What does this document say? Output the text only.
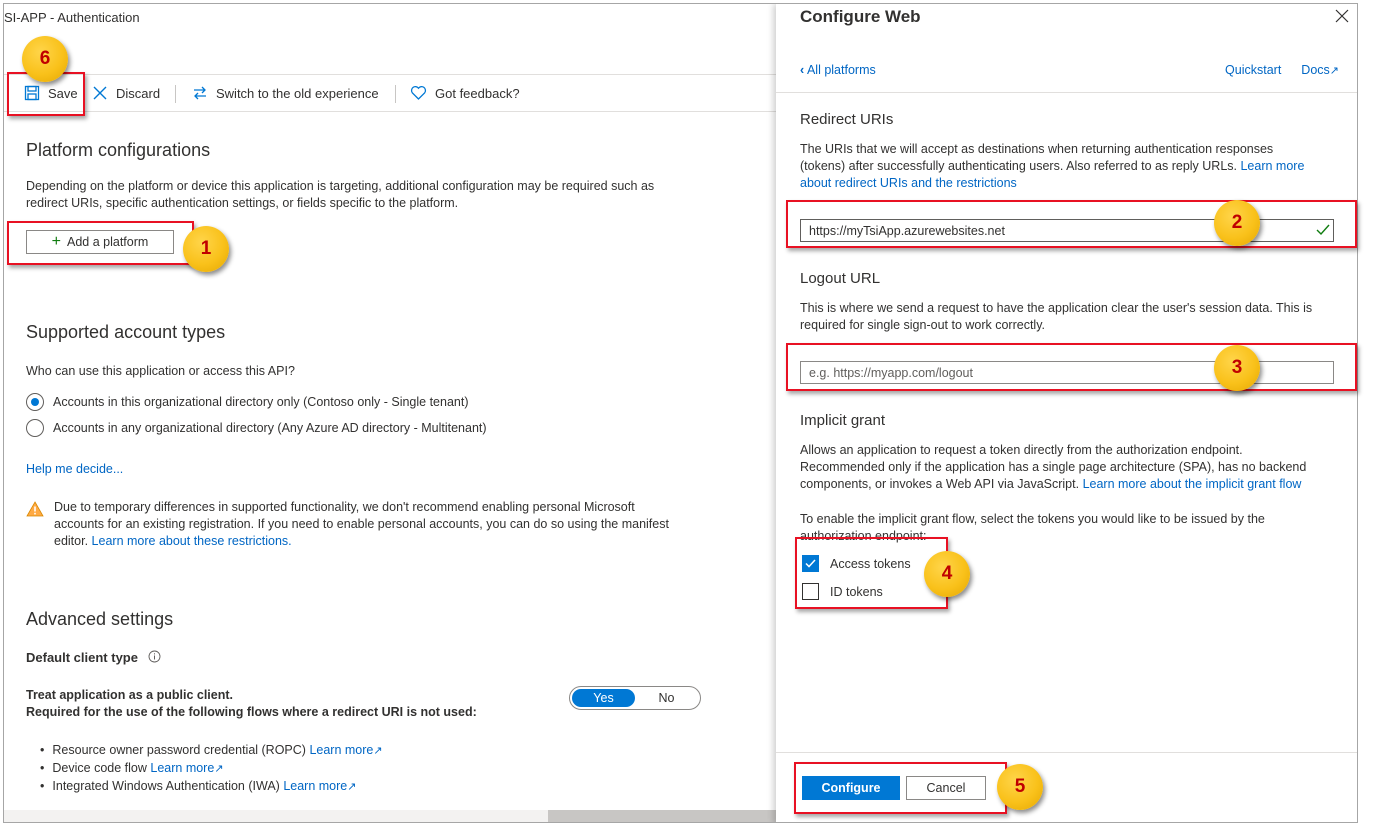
SI-APP - Authentication
Save	Discard	Switch to the old experience	Got feedback?
Platform configurations
Depending on the platform or device this application is targeting, additional configuration may be required such as
redirect URIs, specific authentication settings, or fields specific to the platform.
+ Add a platform
Supported account types
Who can use this application or access this API?
Accounts in this organizational directory only (Contoso only - Single tenant)
Accounts in any organizational directory (Any Azure AD directory - Multitenant)
Help me decide...
Due to temporary differences in supported functionality, we don't recommend enabling personal Microsoft
accounts for an existing registration. If you need to enable personal accounts, you can do so using the manifest
editor. Learn more about these restrictions.
Advanced settings
Default client type
Treat application as a public client.
Required for the use of the following flows where a redirect URI is not used:
Yes	No
• Resource owner password credential (ROPC) Learn more↗
• Device code flow Learn more↗
• Integrated Windows Authentication (IWA) Learn more↗
Configure Web
‹ All platforms	Quickstart Docs↗
Redirect URIs
The URIs that we will accept as destinations when returning authentication responses
(tokens) after successfully authenticating users. Also referred to as reply URLs. Learn more
about redirect URIs and the restrictions
https://myTsiApp.azurewebsites.net
Logout URL
This is where we send a request to have the application clear the user's session data. This is
required for single sign-out to work correctly.
e.g. https://myapp.com/logout
Implicit grant
Allows an application to request a token directly from the authorization endpoint.
Recommended only if the application has a single page architecture (SPA), has no backend
components, or invokes a Web API via JavaScript. Learn more about the implicit grant flow
To enable the implicit grant flow, select the tokens you would like to be issued by the
authorization endpoint:
Access tokens
ID tokens
Configure	Cancel
6
1
2
3
4
5
